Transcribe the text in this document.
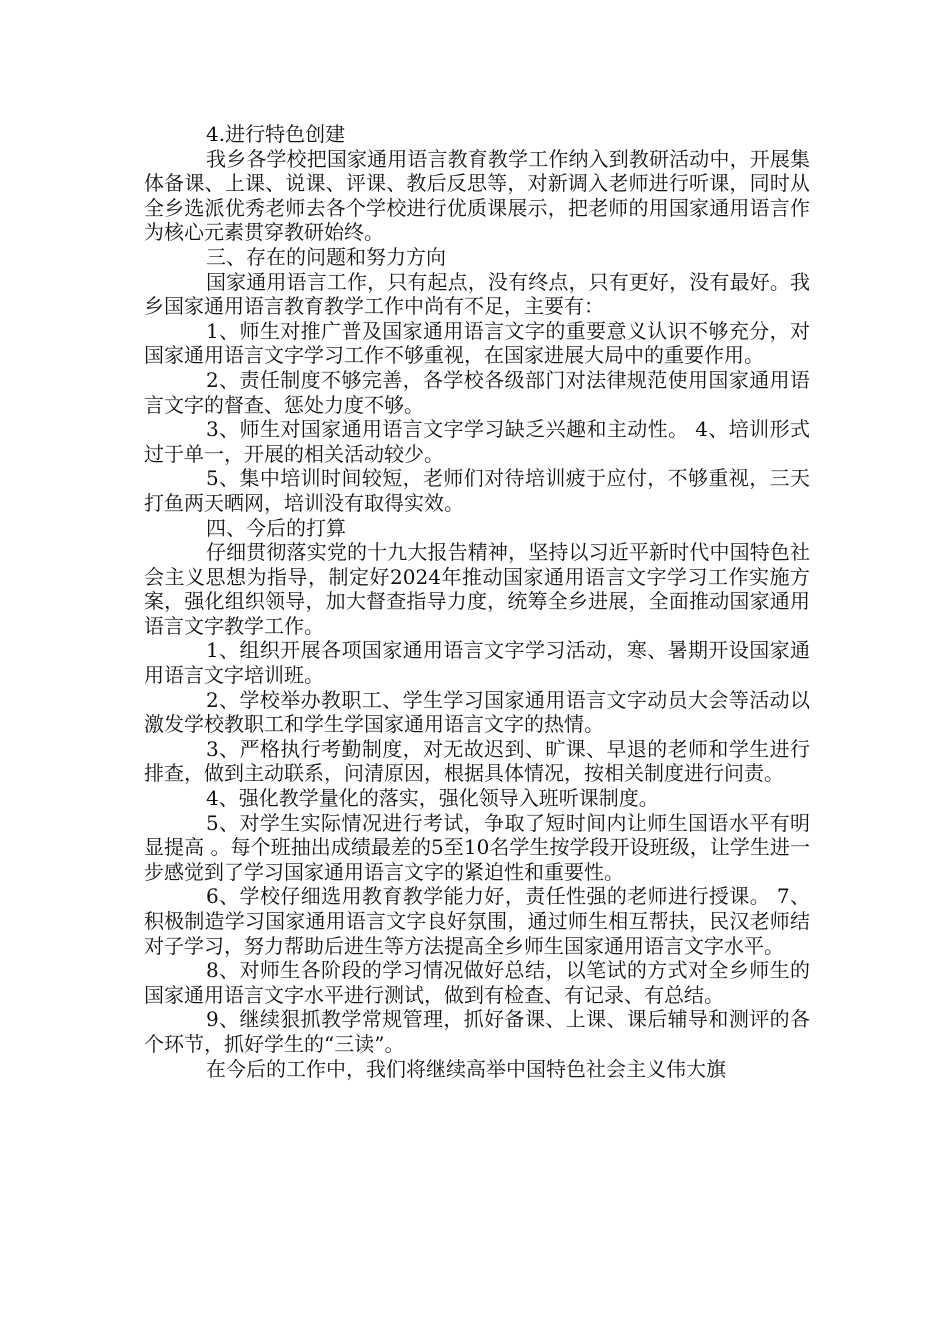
4.进行特色创建

我乡各学校把国家通用语言教育教学工作纳入到教研活动中，开展集体备课、上课、说课、评课、教后反思等，对新调入老师进行听课，同时从全乡选派优秀老师去各个学校进行优质课展示，把老师的用国家通用语言作为核心元素贯穿教研始终。

三、存在的问题和努力方向

国家通用语言工作，只有起点，没有终点，只有更好，没有最好。我乡国家通用语言教育教学工作中尚有不足，主要有：

1、师生对推广普及国家通用语言文字的重要意义认识不够充分，对国家通用语言文字学习工作不够重视，在国家进展大局中的重要作用。

2、责任制度不够完善，各学校各级部门对法律规范使用国家通用语言文字的督查、惩处力度不够。

3、师生对国家通用语言文字学习缺乏兴趣和主动性。 4、培训形式过于单一，开展的相关活动较少。

5、集中培训时间较短，老师们对待培训疲于应付，不够重视，三天打鱼两天晒网，培训没有取得实效。

四、今后的打算

仔细贯彻落实党的十九大报告精神，坚持以习近平新时代中国特色社会主义思想为指导，制定好2024年推动国家通用语言文字学习工作实施方案，强化组织领导，加大督查指导力度，统筹全乡进展，全面推动国家通用语言文字教学工作。

1、组织开展各项国家通用语言文字学习活动，寒、暑期开设国家通用语言文字培训班。

2、学校举办教职工、学生学习国家通用语言文字动员大会等活动以激发学校教职工和学生学国家通用语言文字的热情。

3、严格执行考勤制度，对无故迟到、旷课、早退的老师和学生进行排查，做到主动联系，问清原因，根据具体情况，按相关制度进行问责。

4、强化教学量化的落实，强化领导入班听课制度。

5、对学生实际情况进行考试，争取了短时间内让师生国语水平有明显提高 。每个班抽出成绩最差的5至10名学生按学段开设班级，让学生进一步感觉到了学习国家通用语言文字的紧迫性和重要性。

6、学校仔细选用教育教学能力好，责任性强的老师进行授课。 7、积极制造学习国家通用语言文字良好氛围，通过师生相互帮扶，民汉老师结对子学习，努力帮助后进生等方法提高全乡师生国家通用语言文字水平。

8、对师生各阶段的学习情况做好总结，以笔试的方式对全乡师生的国家通用语言文字水平进行测试，做到有检查、有记录、有总结。

9、继续狠抓教学常规管理，抓好备课、上课、课后辅导和测评的各个环节，抓好学生的“三读”。

在今后的工作中，我们将继续高举中国特色社会主义伟大旗
